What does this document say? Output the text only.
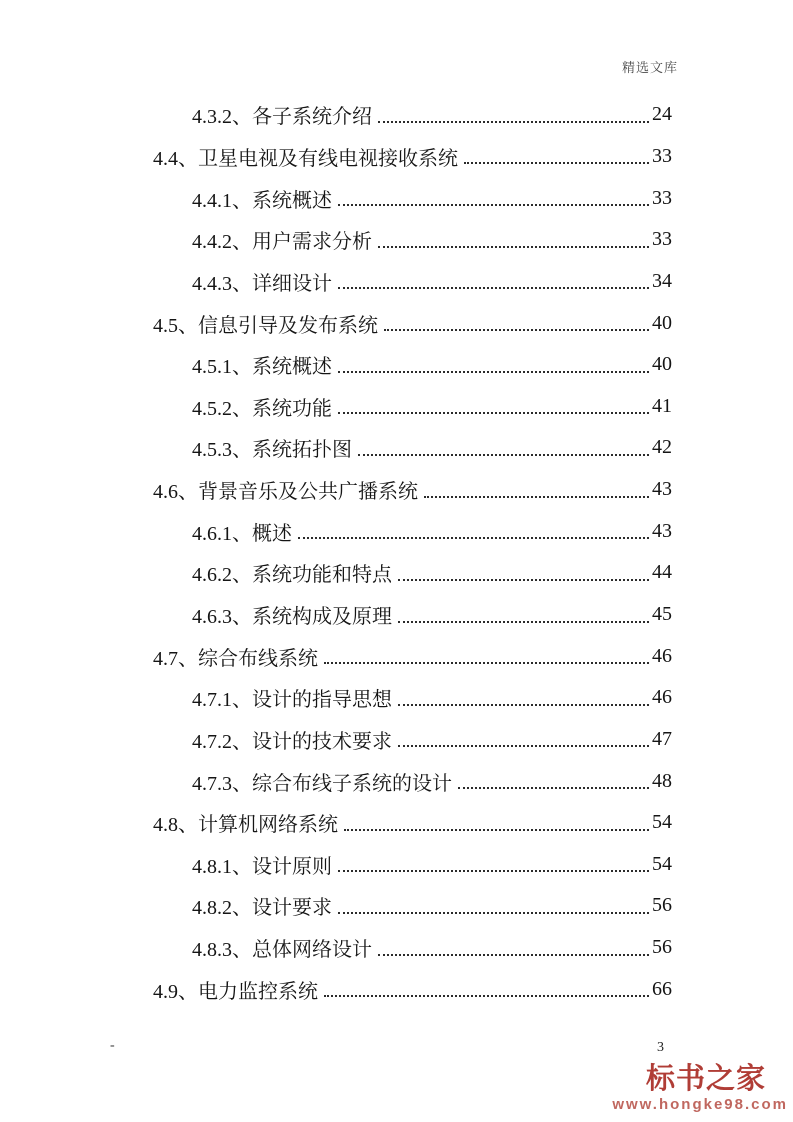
精选文库
4.3.2、 各子系统介绍	24
4.4、 卫星电视及有线电视接收系统	33
4.4.1、 系统概述	33
4.4.2、 用户需求分析	33
4.4.3、 详细设计	34
4.5、 信息引导及发布系统	40
4.5.1、 系统概述	40
4.5.2、 系统功能	41
4.5.3、 系统拓扑图	42
4.6、 背景音乐及公共广播系统	43
4.6.1、 概述	43
4.6.2、 系统功能和特点	44
4.6.3、 系统构成及原理	45
4.7、 综合布线系统	46
4.7.1、 设计的指导思想	46
4.7.2、 设计的技术要求	47
4.7.3、 综合布线子系统的设计	48
4.8、 计算机网络系统	54
4.8.1、 设计原则	54
4.8.2、 设计要求	56
4.8.3、 总体网络设计	56
4.9、 电力监控系统	66
-	3
标书之家
www.hongke98.com
